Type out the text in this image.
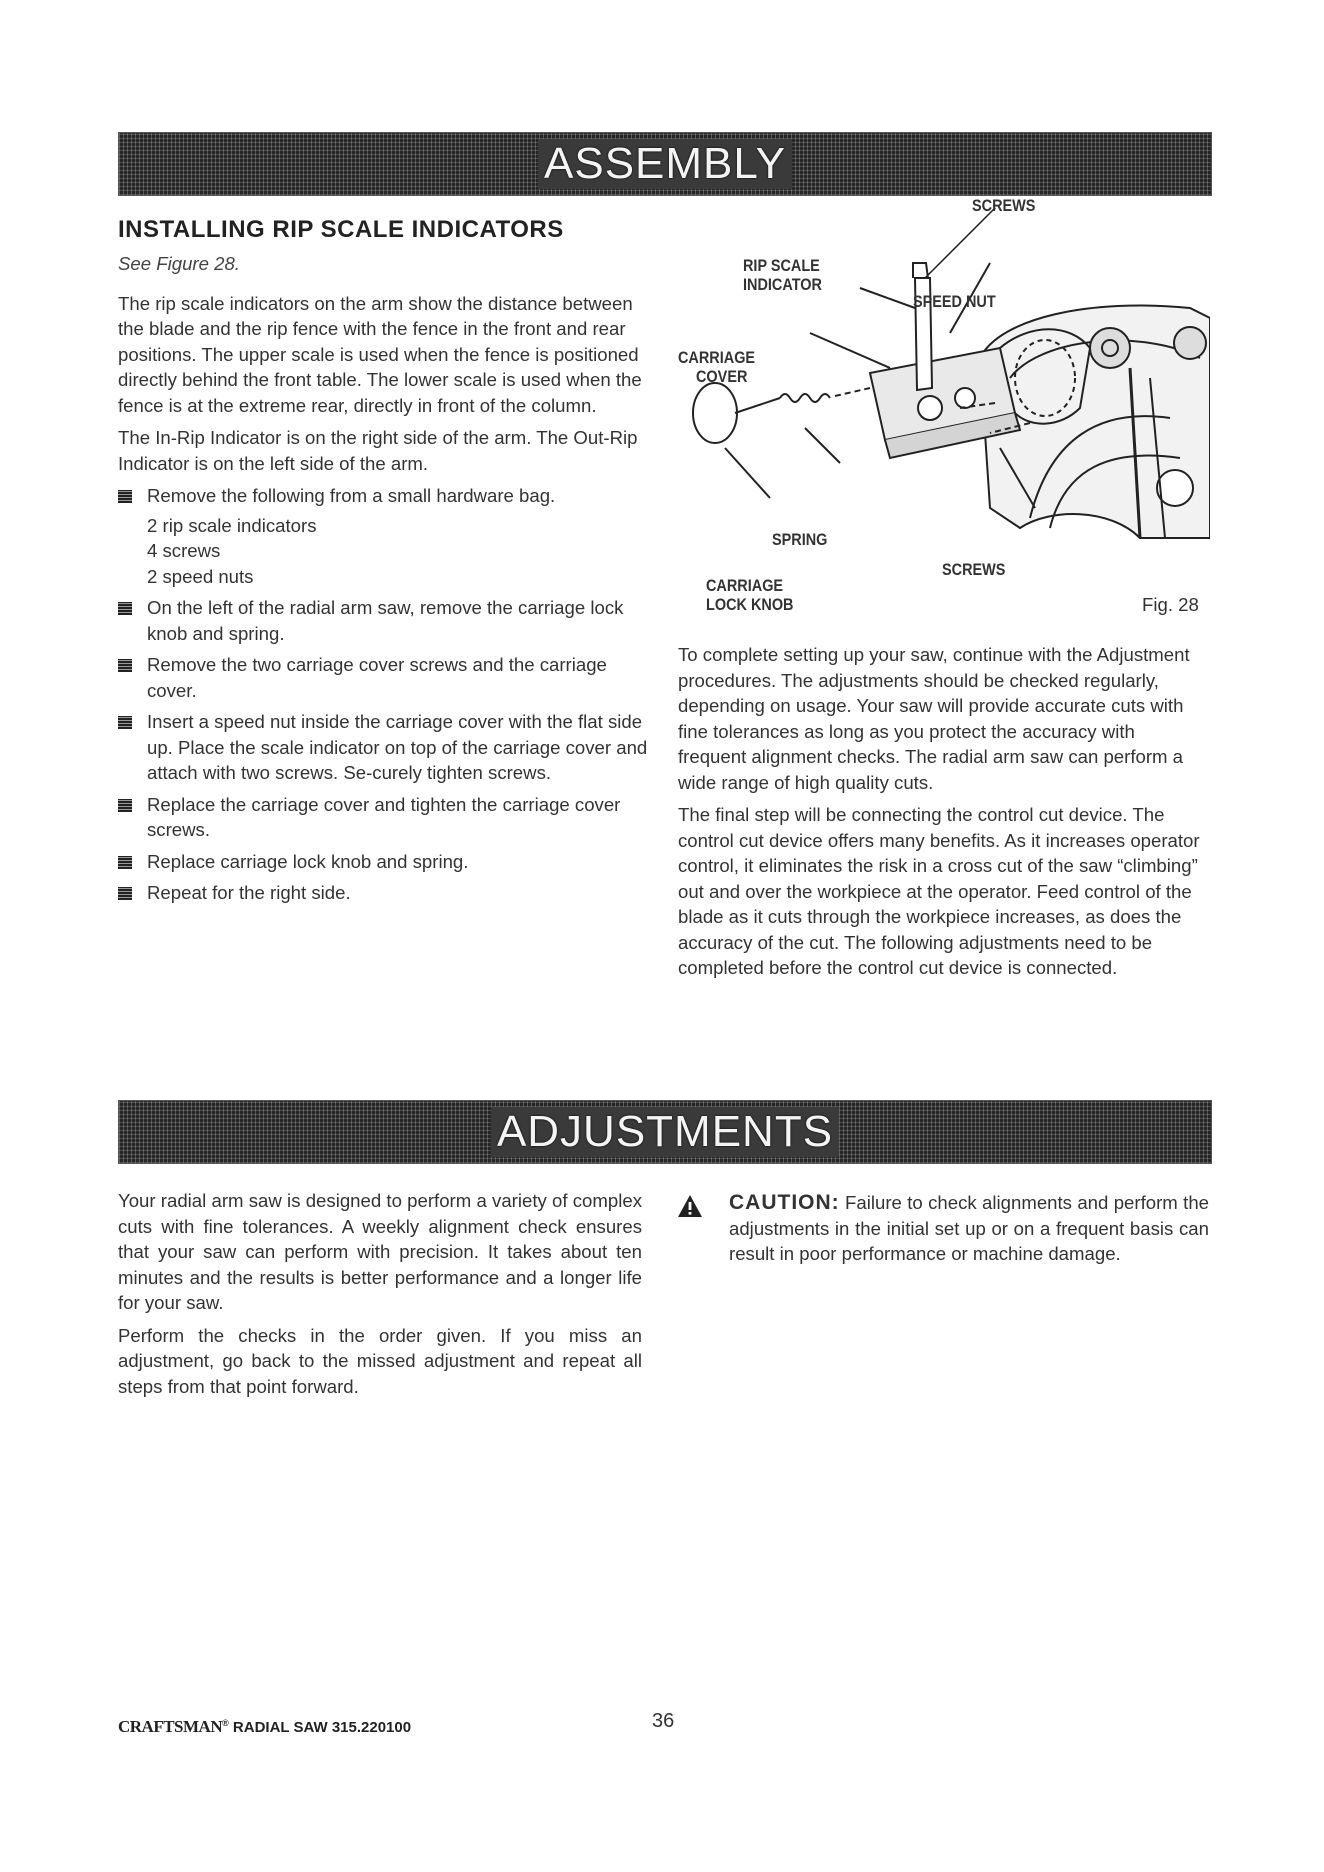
ASSEMBLY

INSTALLING RIP SCALE INDICATORS

See Figure 28.

The rip scale indicators on the arm show the distance between the blade and the rip fence with the fence in the front and rear positions. The upper scale is used when the fence is positioned directly behind the front table. The lower scale is used when the fence is at the extreme rear, directly in front of the column.

The In-Rip Indicator is on the right side of the arm. The Out-Rip Indicator is on the left side of the arm.

Remove the following from a small hardware bag.
2 rip scale indicators
4 screws
2 speed nuts
On the left of the radial arm saw, remove the carriage lock knob and spring.
Remove the two carriage cover screws and the carriage cover.
Insert a speed nut inside the carriage cover with the flat side up. Place the scale indicator on top of the carriage cover and attach with two screws. Se-curely tighten screws.
Replace the carriage cover and tighten the carriage cover screws.
Replace carriage lock knob and spring.
Repeat for the right side.
SCREWS
RIP SCALE
INDICATOR
SPEED NUT
CARRIAGE
COVER
SPRING
SCREWS
CARRIAGE
LOCK KNOB	Fig. 28

To complete setting up your saw, continue with the Adjustment procedures. The adjustments should be checked regularly, depending on usage. Your saw will provide accurate cuts with fine tolerances as long as you protect the accuracy with frequent alignment checks. The radial arm saw can perform a wide range of high quality cuts.

The final step will be connecting the control cut device. The control cut device offers many benefits. As it increases operator control, it eliminates the risk in a cross cut of the saw “climbing” out and over the workpiece at the operator. Feed control of the blade as it cuts through the workpiece increases, as does the accuracy of the cut. The following adjustments need to be completed before the control cut device is connected.

ADJUSTMENTS

Your radial arm saw is designed to perform a variety of complex cuts with fine tolerances. A weekly alignment check ensures that your saw can perform with precision. It takes about ten minutes and the results is better performance and a longer life for your saw.

Perform the checks in the order given. If you miss an adjustment, go back to the missed adjustment and repeat all steps from that point forward.

CAUTION: Failure to check alignments and perform the adjustments in the initial set up or on a frequent basis can result in poor performance or machine damage.
CRAFTSMAN® RADIAL SAW 315.220100	36
